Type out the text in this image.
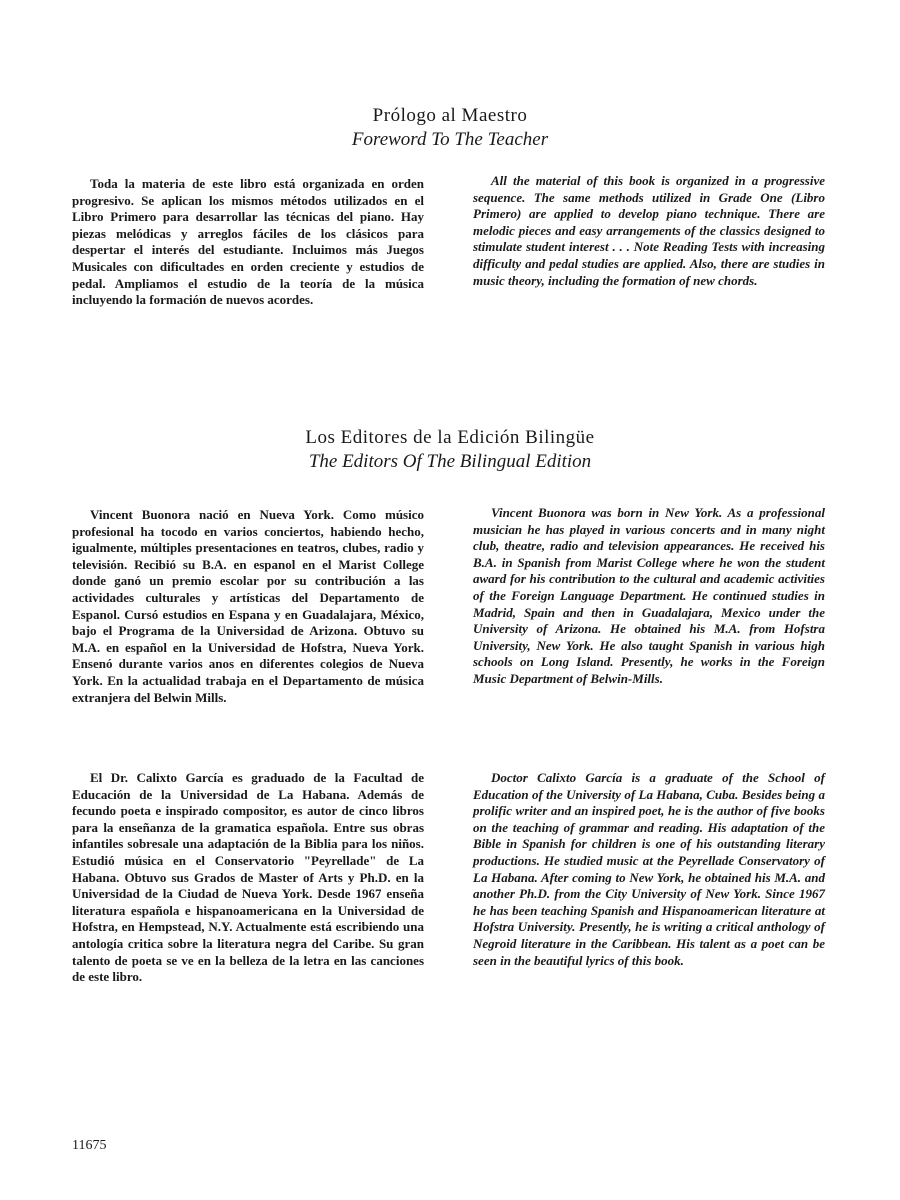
Prólogo al Maestro
Foreword To The Teacher

Toda la materia de este libro está organizada en orden progresivo. Se aplican los mismos métodos utilizados en el Libro Primero para desarrollar las técnicas del piano. Hay piezas melódicas y arreglos fáciles de los clásicos para despertar el interés del estudiante. Incluimos más Juegos Musicales con dificultades en orden creciente y estudios de pedal. Ampliamos el estudio de la teoría de la música incluyendo la formación de nuevos acordes.

All the material of this book is organized in a progressive sequence. The same methods utilized in Grade One (Libro Primero) are applied to develop piano technique. There are melodic pieces and easy arrangements of the classics designed to stimulate student interest . . . Note Reading Tests with increasing difficulty and pedal studies are applied. Also, there are studies in music theory, including the formation of new chords.

Los Editores de la Edición Bilingüe
The Editors Of The Bilingual Edition

Vincent Buonora nació en Nueva York. Como músico profesional ha tocodo en varios conciertos, habiendo hecho, igualmente, múltiples presentaciones en teatros, clubes, radio y televisión. Recibió su B.A. en espanol en el Marist College donde ganó un premio escolar por su contribución a las actividades culturales y artísticas del Departamento de Espanol. Cursó estudios en Espana y en Guadalajara, México, bajo el Programa de la Universidad de Arizona. Obtuvo su M.A. en español en la Universidad de Hofstra, Nueva York. Ensenó durante varios anos en diferentes colegios de Nueva York. En la actualidad trabaja en el Departamento de música extranjera del Belwin Mills.

Vincent Buonora was born in New York. As a professional musician he has played in various concerts and in many night club, theatre, radio and television appearances. He received his B.A. in Spanish from Marist College where he won the student award for his contribution to the cultural and academic activities of the Foreign Language Department. He continued studies in Madrid, Spain and then in Guadalajara, Mexico under the University of Arizona. He obtained his M.A. from Hofstra University, New York. He also taught Spanish in various high schools on Long Island. Presently, he works in the Foreign Music Department of Belwin-Mills.

El Dr. Calixto García es graduado de la Facultad de Educación de la Universidad de La Habana. Además de fecundo poeta e inspirado compositor, es autor de cinco libros para la enseñanza de la gramatica española. Entre sus obras infantiles sobresale una adaptación de la Biblia para los niños. Estudió música en el Conservatorio "Peyrellade" de La Habana. Obtuvo sus Grados de Master of Arts y Ph.D. en la Universidad de la Ciudad de Nueva York. Desde 1967 enseña literatura española e hispanoamericana en la Universidad de Hofstra, en Hempstead, N.Y. Actualmente está escribiendo una antología critica sobre la literatura negra del Caribe. Su gran talento de poeta se ve en la belleza de la letra en las canciones de este libro.

Doctor Calixto García is a graduate of the School of Education of the University of La Habana, Cuba. Besides being a prolific writer and an inspired poet, he is the author of five books on the teaching of grammar and reading. His adaptation of the Bible in Spanish for children is one of his outstanding literary productions. He studied music at the Peyrellade Conservatory of La Habana. After coming to New York, he obtained his M.A. and another Ph.D. from the City University of New York. Since 1967 he has been teaching Spanish and Hispanoamerican literature at Hofstra University. Presently, he is writing a critical anthology of Negroid literature in the Caribbean. His talent as a poet can be seen in the beautiful lyrics of this book.

11675
